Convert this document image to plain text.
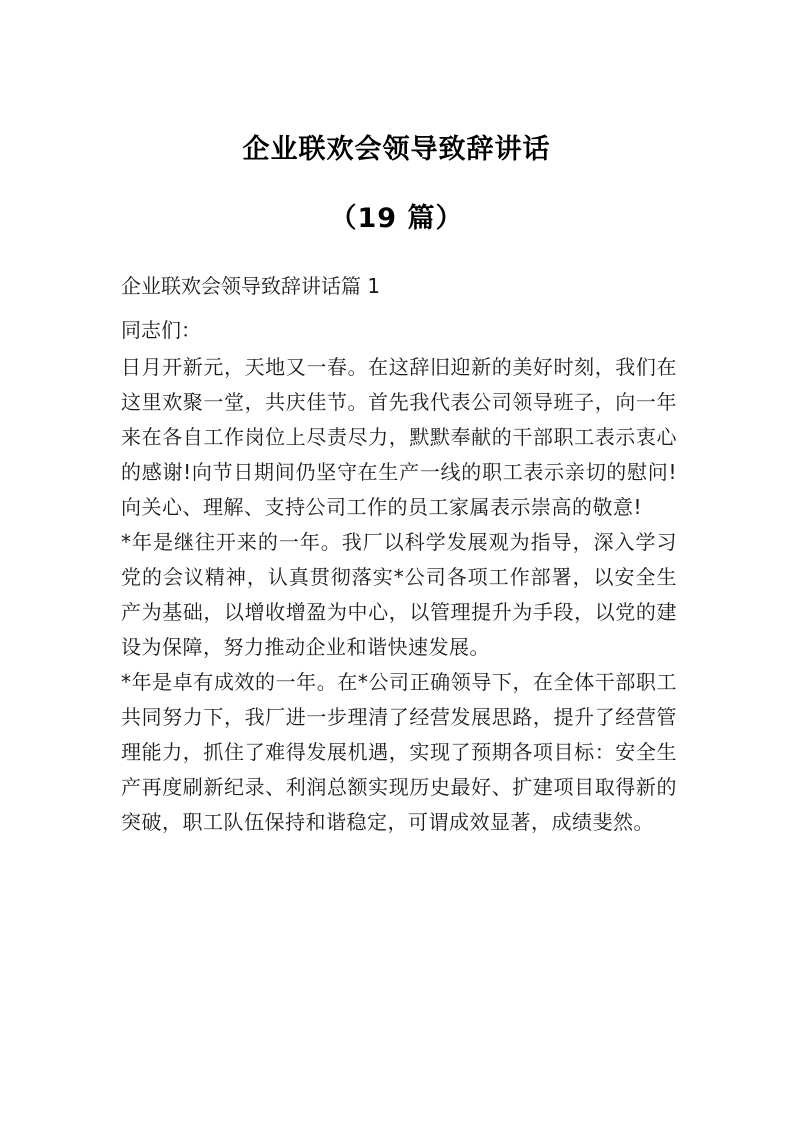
企业联欢会领导致辞讲话
（19 篇）
企业联欢会领导致辞讲话篇 1
同志们：

日月开新元，天地又一春。在这辞旧迎新的美好时刻，我们在这里欢聚一堂，共庆佳节。首先我代表公司领导班子，向一年来在各自工作岗位上尽责尽力，默默奉献的干部职工表示衷心的感谢!向节日期间仍坚守在生产一线的职工表示亲切的慰问!向关心、理解、支持公司工作的员工家属表示崇高的敬意!

*年是继往开来的一年。我厂以科学发展观为指导，深入学习党的会议精神，认真贯彻落实*公司各项工作部署，以安全生产为基础，以增收增盈为中心，以管理提升为手段，以党的建设为保障，努力推动企业和谐快速发展。

*年是卓有成效的一年。在*公司正确领导下，在全体干部职工共同努力下，我厂进一步理清了经营发展思路，提升了经营管理能力，抓住了难得发展机遇，实现了预期各项目标：安全生产再度刷新纪录、利润总额实现历史最好、扩建项目取得新的突破，职工队伍保持和谐稳定，可谓成效显著，成绩斐然。
